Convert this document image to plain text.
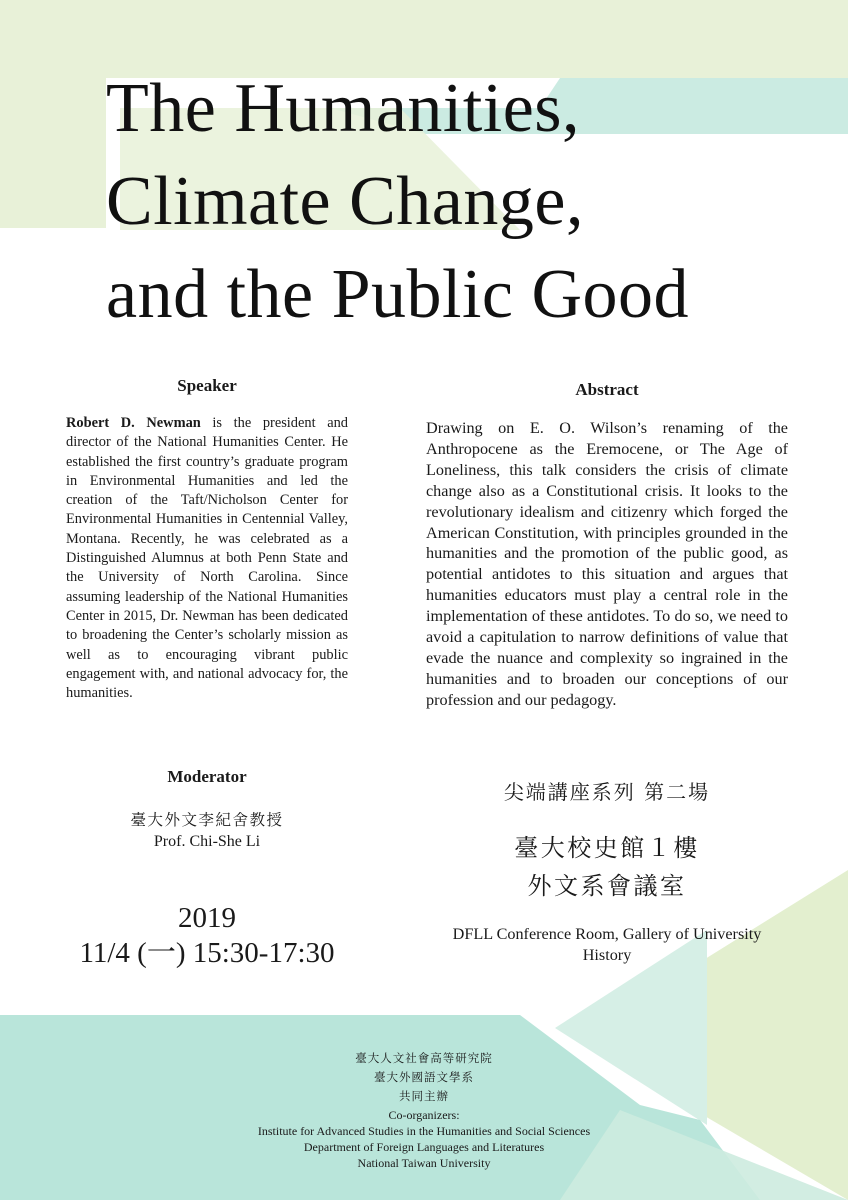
The Humanities,
Climate Change,
and the Public Good
Speaker

Robert D. Newman is the president and director of the National Humanities Center. He established the first country’s graduate program in Environmental Humanities and led the creation of the Taft/Nicholson Center for Environmental Humanities in Centennial Valley, Montana. Recently, he was celebrated as a Distinguished Alumnus at both Penn State and the University of North Carolina. Since assuming leadership of the National Humanities Center in 2015, Dr. Newman has been dedicated to broadening the Center’s scholarly mission as well as to encouraging vibrant public engagement with, and national advocacy for, the humanities.

Abstract

Drawing on E. O. Wilson’s renaming of the Anthropocene as the Eremocene, or The Age of Loneliness, this talk considers the crisis of climate change also as a Constitutional crisis. It looks to the revolutionary idealism and citizenry which forged the American Constitution, with principles grounded in the humanities and the promotion of the public good, as potential antidotes to this situation and argues that humanities educators must play a central role in the implementation of these antidotes. To do so, we need to avoid a capitulation to narrow definitions of value that evade the nuance and complexity so ingrained in the humanities and to broaden our conceptions of our profession and our pedagogy.

Moderator

臺大外文李紀舍教授

Prof. Chi-She Li

2019

11/4 (一) 15:30-17:30

尖端講座系列 第二場

臺大校史館１樓

外文系會議室

DFLL Conference Room, Gallery of University History

臺大人文社會高等研究院

臺大外國語文學系

共同主辦

Co-organizers:

Institute for Advanced Studies in the Humanities and Social Sciences

Department of Foreign Languages and Literatures

National Taiwan University
